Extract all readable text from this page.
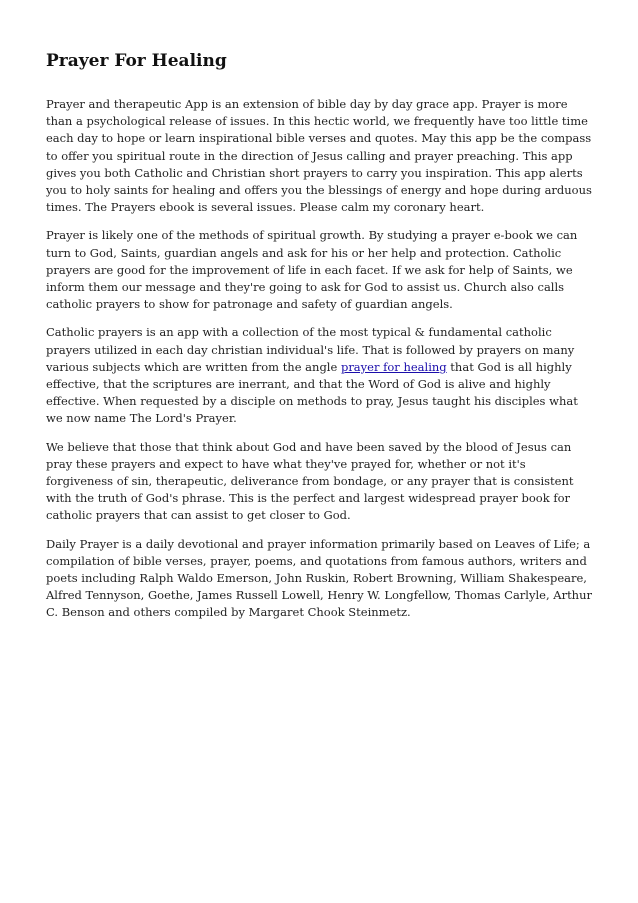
Prayer For Healing

Prayer and therapeutic App is an extension of bible day by day grace app. Prayer is more than a psychological release of issues. In this hectic world, we frequently have too little time each day to hope or learn inspirational bible verses and quotes. May this app be the compass to offer you spiritual route in the direction of Jesus calling and prayer preaching. This app gives you both Catholic and Christian short prayers to carry you inspiration. This app alerts you to holy saints for healing and offers you the blessings of energy and hope during arduous times. The Prayers ebook is several issues. Please calm my coronary heart.

Prayer is likely one of the methods of spiritual growth. By studying a prayer e-book we can turn to God, Saints, guardian angels and ask for his or her help and protection. Catholic prayers are good for the improvement of life in each facet. If we ask for help of Saints, we inform them our message and they're going to ask for God to assist us. Church also calls catholic prayers to show for patronage and safety of guardian angels.

Catholic prayers is an app with a collection of the most typical & fundamental catholic prayers utilized in each day christian individual's life. That is followed by prayers on many various subjects which are written from the angle prayer for healing that God is all highly effective, that the scriptures are inerrant, and that the Word of God is alive and highly effective. When requested by a disciple on methods to pray, Jesus taught his disciples what we now name The Lord's Prayer.

We believe that those that think about God and have been saved by the blood of Jesus can pray these prayers and expect to have what they've prayed for, whether or not it's forgiveness of sin, therapeutic, deliverance from bondage, or any prayer that is consistent with the truth of God's phrase. This is the perfect and largest widespread prayer book for catholic prayers that can assist to get closer to God.

Daily Prayer is a daily devotional and prayer information primarily based on Leaves of Life; a compilation of bible verses, prayer, poems, and quotations from famous authors, writers and poets including Ralph Waldo Emerson, John Ruskin, Robert Browning, William Shakespeare, Alfred Tennyson, Goethe, James Russell Lowell, Henry W. Longfellow, Thomas Carlyle, Arthur C. Benson and others compiled by Margaret Chook Steinmetz.
